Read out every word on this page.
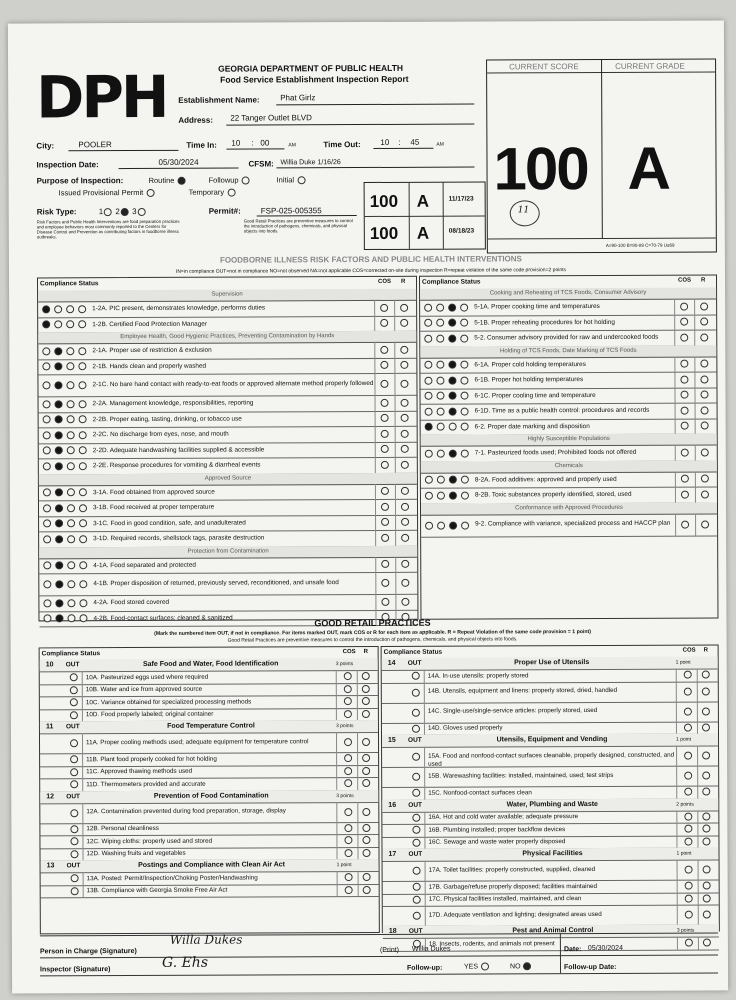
DPH	GEORGIA DEPARTMENT OF PUBLIC HEALTH
Food Service Establishment Inspection Report
Establishment Name:	Phat Girlz
Address: 22 Tanger Outlet BLVD
City:	POOLER	Time In: 10 : 00	AM	Time Out: 10 : 45	AM
Inspection Date:	05/30/2024	CFSM: Willia Duke 1/16/26
Purpose of Inspection:	Routine	Followup	Initial
Issued Provisional Permit	Temporary
Risk Type:	1 2 3	Permit#: FSP-025-005355
Risk Factors and Public Health Interventions are food preparation practices and employee behaviors most commonly reported to the Centers for Disease Control and Prevention as contributing factors in foodborne illness outbreaks.
Good Retail Practices are preventive measures to control the introduction of pathogens, chemicals, and physical objects into foods.
100 A	11/17/23
100 A	08/18/23
CURRENT SCORE	CURRENT GRADE
100 A
11
A=90-100 B=80-89 C=70-79 U≤69
FOODBORNE ILLNESS RISK FACTORS AND PUBLIC HEALTH INTERVENTIONS
IN=in compliance OUT=not in compliance NO=not observed NA=not applicable COS=corrected on-site during inspection R=repeat violation of the same code provision=2 points
Compliance Status	COS R
Supervision
1-2A. PIC present, demonstrates knowledge, performs duties
1-2B. Certified Food Protection Manager
Employee Health, Good Hygienic Practices, Preventing Contamination by Hands
2-1A. Proper use of restriction & exclusion
2-1B. Hands clean and properly washed
2-1C. No bare hand contact with ready-to-eat foods or approved alternate method properly followed
2-2A. Management knowledge, responsibilities, reporting
2-2B. Proper eating, tasting, drinking, or tobacco use
2-2C. No discharge from eyes, nose, and mouth
2-2D. Adequate handwashing facilities supplied & accessible
2-2E. Response procedures for vomiting & diarrheal events
Approved Source
3-1A. Food obtained from approved source
3-1B. Food received at proper temperature
3-1C. Food in good condition, safe, and unadulterated
3-1D. Required records, shellstock tags, parasite destruction
Protection from Contamination
4-1A. Food separated and protected
4-1B. Proper disposition of returned, previously served, reconditioned, and unsafe food
4-2A. Food stored covered
4-2B. Food-contact surfaces: cleaned & sanitized
Compliance Status	COS R
Cooking and Reheating of TCS Foods, Consumer Advisory
5-1A. Proper cooking time and temperatures
5-1B. Proper reheating procedures for hot holding
5-2. Consumer advisory provided for raw and undercooked foods
Holding of TCS Foods, Date Marking of TCS Foods
6-1A. Proper cold holding temperatures
6-1B. Proper hot holding temperatures
6-1C. Proper cooling time and temperature
6-1D. Time as a public health control: procedures and records
6-2. Proper date marking and disposition
Highly Susceptible Populations
7-1. Pasteurized foods used; Prohibited foods not offered
Chemicals
8-2A. Food additives: approved and properly used
8-2B. Toxic substances properly identified, stored, used
Conformance with Approved Procedures
9-2. Compliance with variance, specialized process and HACCP plan
GOOD RETAIL PRACTICES
(Mark the numbered item OUT, if not in compliance. For items marked OUT, mark COS or R for each item as applicable. R = Repeat Violation of the same code provision = 1 point)
Good Retail Practices are preventive measures to control the introduction of pathogens, chemicals, and physical objects into foods.
Compliance Status	COS R
10 OUT	Safe Food and Water, Food Identification	3 points
10A. Pasteurized eggs used where required
10B. Water and ice from approved source
10C. Variance obtained for specialized processing methods
10D. Food properly labeled; original container
11 OUT	Food Temperature Control	3 points
11A. Proper cooling methods used; adequate equipment for temperature control
11B. Plant food properly cooked for hot holding
11C. Approved thawing methods used
11D. Thermometers provided and accurate
12 OUT	Prevention of Food Contamination	3 points
12A. Contamination prevented during food preparation, storage, display
12B. Personal cleanliness
12C. Wiping cloths: properly used and stored
12D. Washing fruits and vegetables
13 OUT	Postings and Compliance with Clean Air Act	1 point
13A. Posted: Permit/Inspection/Choking Poster/Handwashing
13B. Compliance with Georgia Smoke Free Air Act
Compliance Status	COS R
14 OUT	Proper Use of Utensils	1 point
14A. In-use utensils: properly stored
14B. Utensils, equipment and linens: properly stored, dried, handled
14C. Single-use/single-service articles: properly stored, used
14D. Gloves used properly
15 OUT	Utensils, Equipment and Vending	1 point
15A. Food and nonfood-contact surfaces cleanable, properly designed, constructed, and used
15B. Warewashing facilities: installed, maintained, used; test strips
15C. Nonfood-contact surfaces clean
16 OUT	Water, Plumbing and Waste	2 points
16A. Hot and cold water available; adequate pressure
16B. Plumbing installed; proper backflow devices
16C. Sewage and waste water properly disposed
17 OUT	Physical Facilities	1 point
17A. Toilet facilities: properly constructed, supplied, cleaned
17B. Garbage/refuse properly disposed; facilities maintained
17C. Physical facilities installed, maintained, and clean
17D. Adequate ventilation and lighting; designated areas used
18 OUT	Pest and Animal Control	3 points
18. Insects, rodents, and animals not present
Person in Charge (Signature)
Willa Dukes
(Print) Willia Dukes	Date: 05/30/2024
Inspector (Signature)	G. Ehs	Follow-up:	YES	NO	Follow-up Date:
